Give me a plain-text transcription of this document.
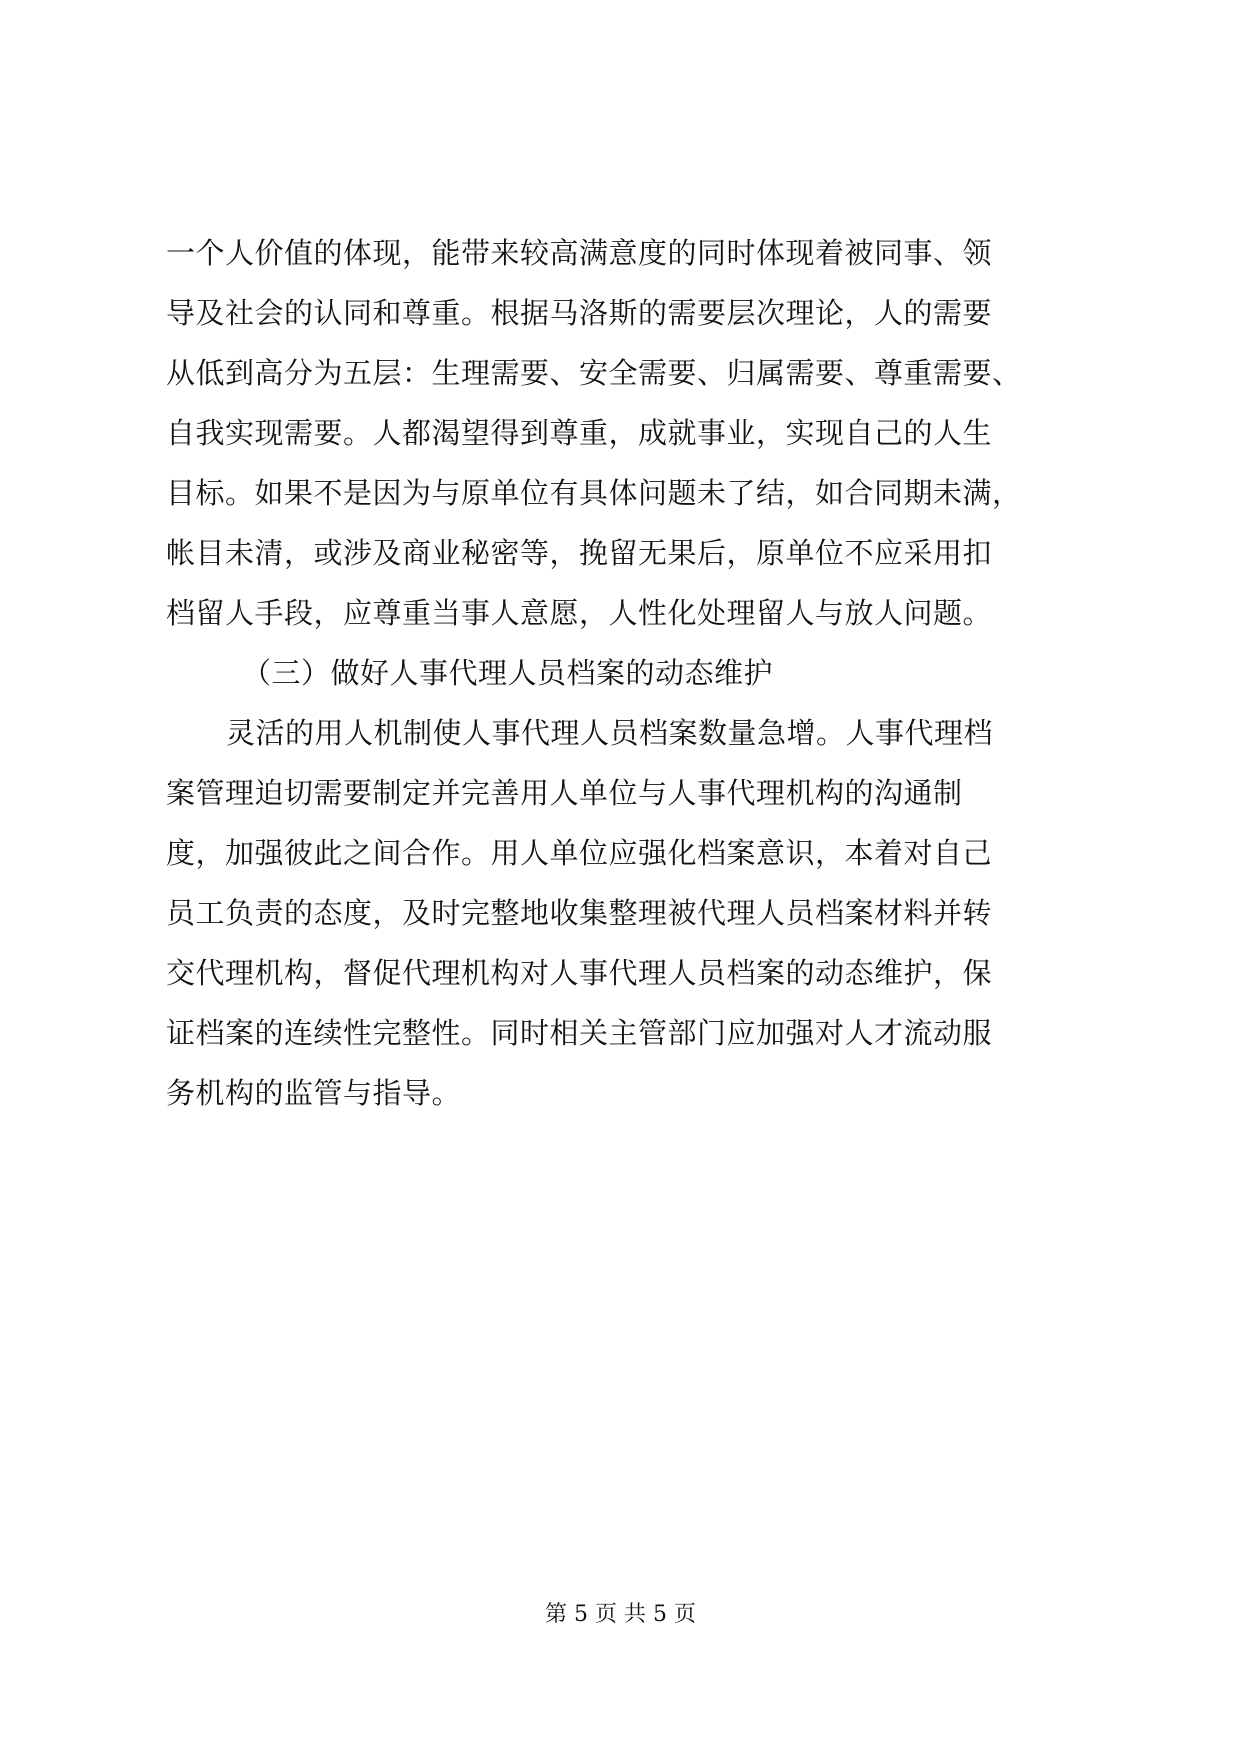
一个人价值的体现，能带来较高满意度的同时体现着被同事、领
导及社会的认同和尊重。根据马洛斯的需要层次理论，人的需要
从低到高分为五层：生理需要、安全需要、归属需要、尊重需要、
自我实现需要。人都渴望得到尊重，成就事业，实现自己的人生
目标。如果不是因为与原单位有具体问题未了结，如合同期未满，
帐目未清，或涉及商业秘密等，挽留无果后，原单位不应采用扣
档留人手段，应尊重当事人意愿，人性化处理留人与放人问题。
（三）做好人事代理人员档案的动态维护
灵活的用人机制使人事代理人员档案数量急增。人事代理档
案管理迫切需要制定并完善用人单位与人事代理机构的沟通制
度，加强彼此之间合作。用人单位应强化档案意识，本着对自己
员工负责的态度，及时完整地收集整理被代理人员档案材料并转
交代理机构，督促代理机构对人事代理人员档案的动态维护，保
证档案的连续性完整性。同时相关主管部门应加强对人才流动服
务机构的监管与指导。
第 5 页 共 5 页
